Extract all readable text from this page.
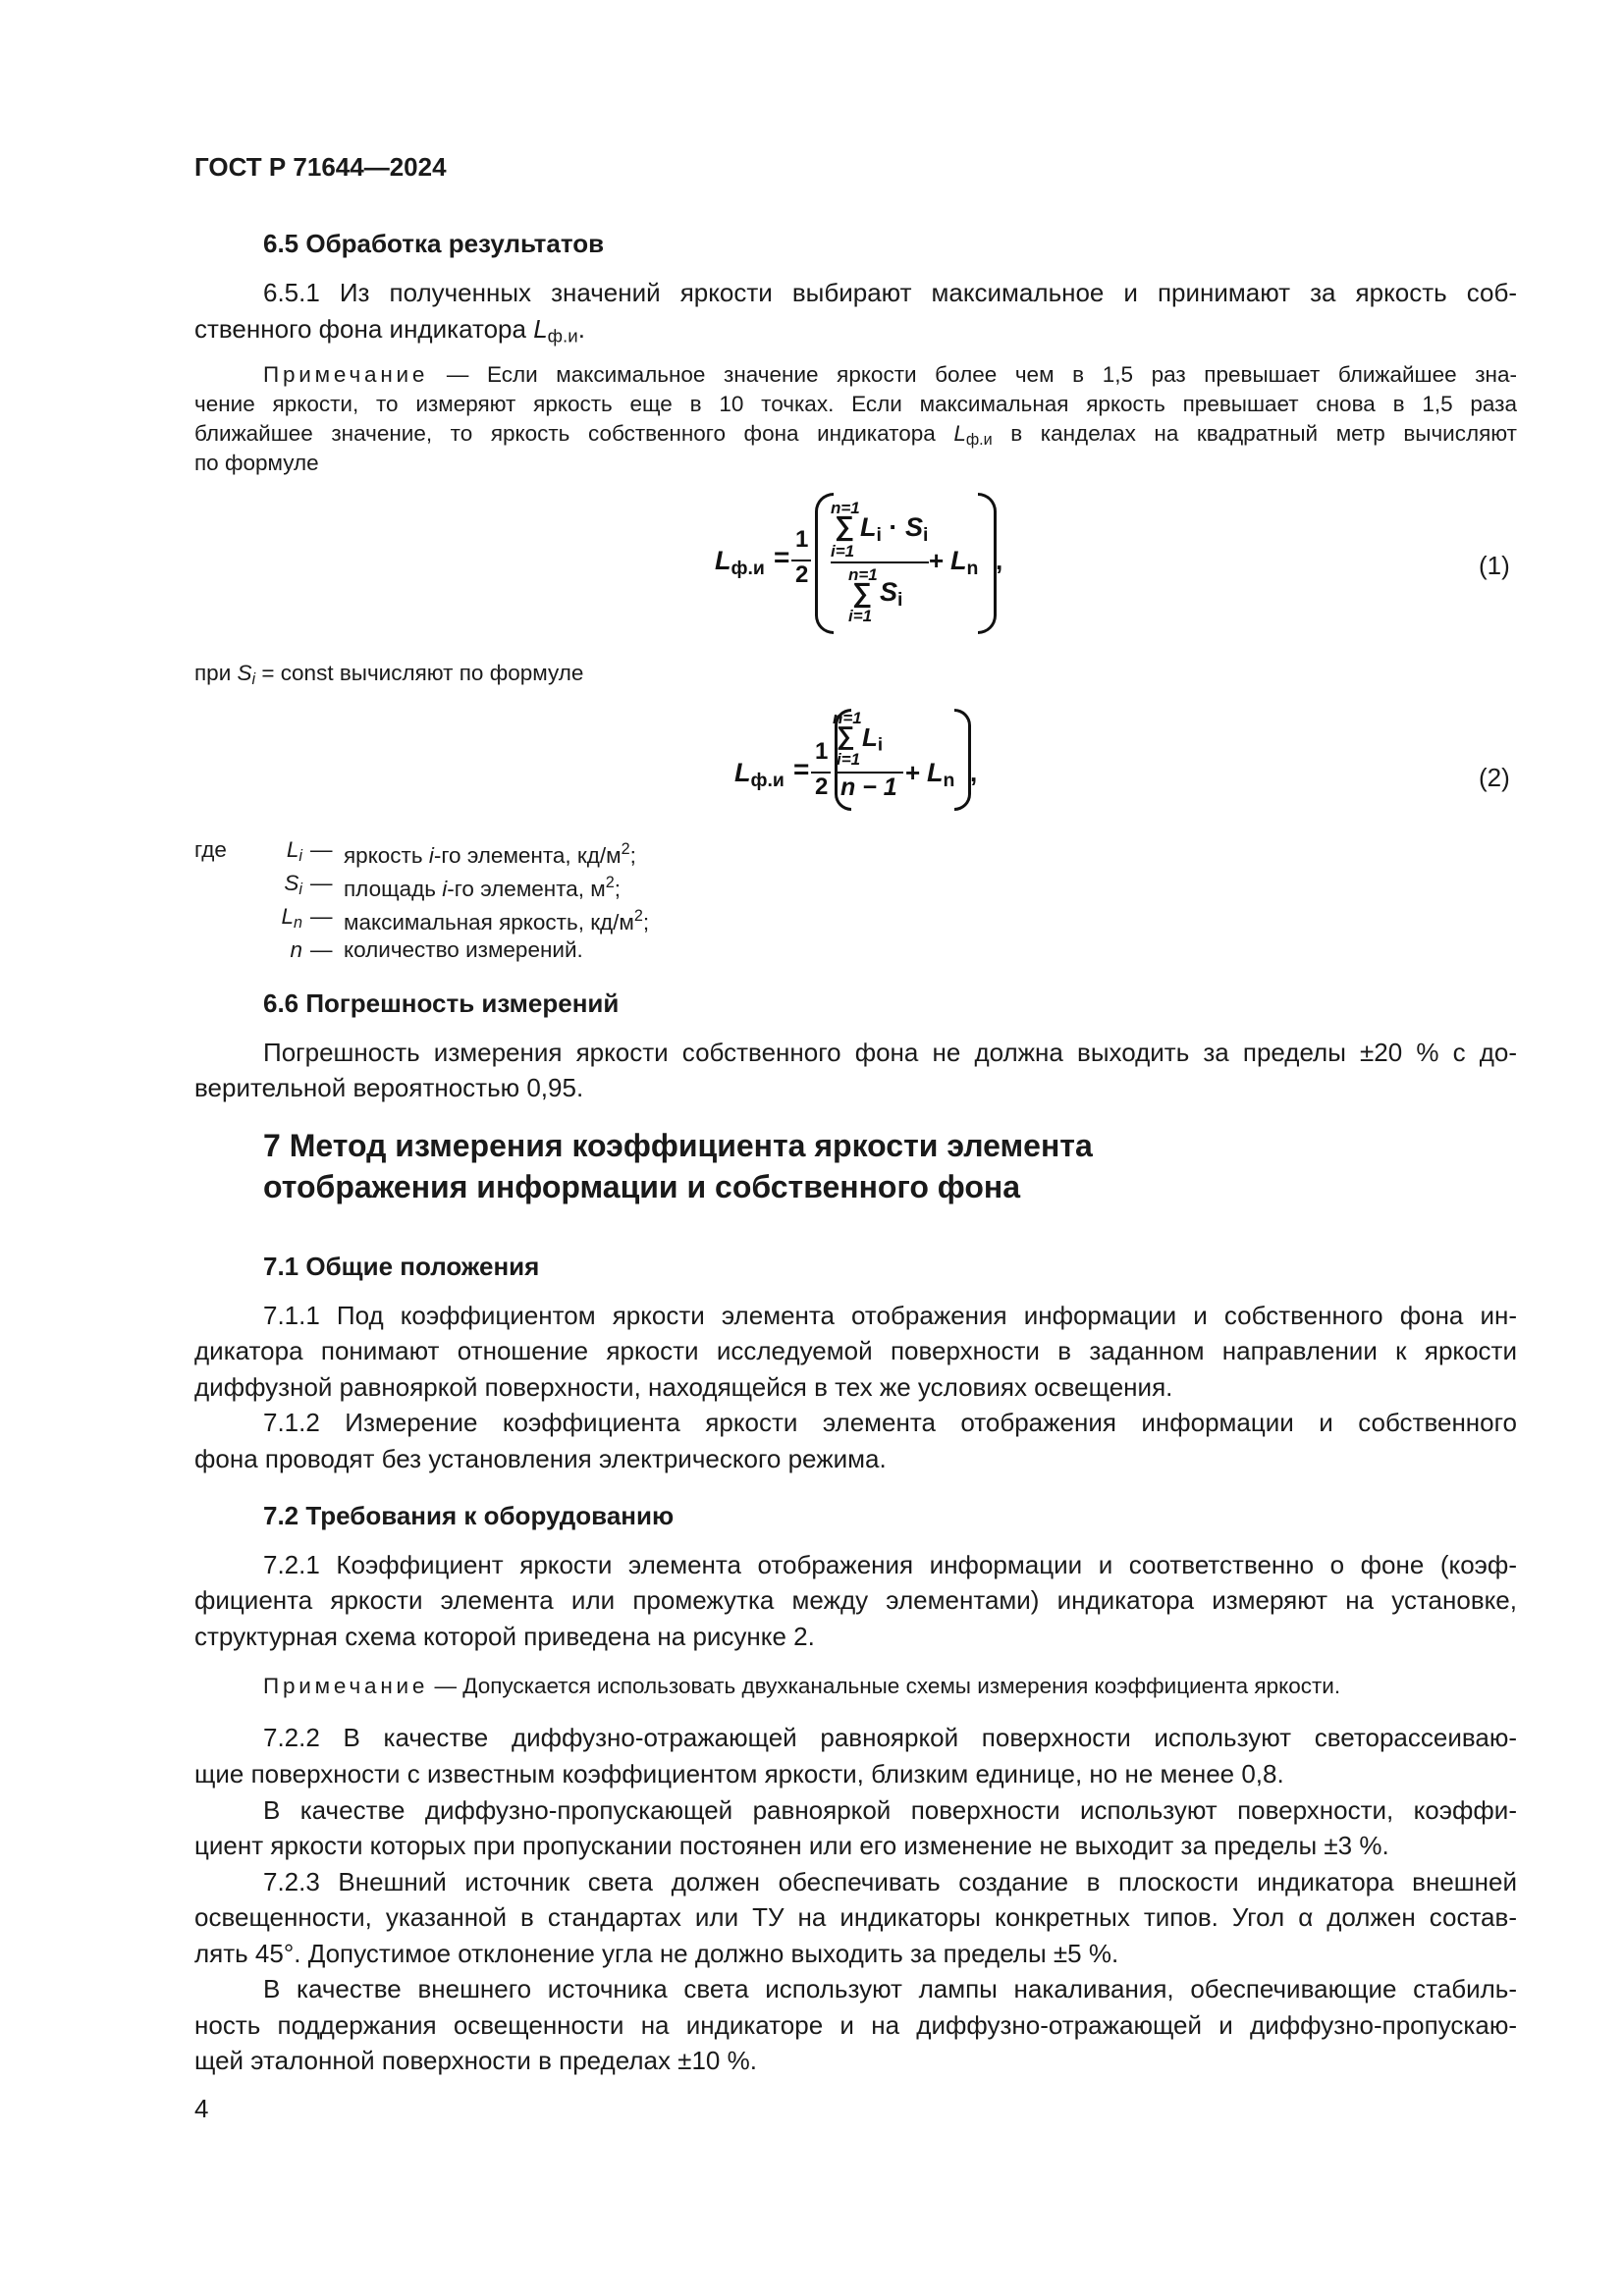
ГОСТ Р 71644—2024
6.5 Обработка результатов
6.5.1 Из полученных значений яркости выбирают максимальное и принимают за яркость соб-
ственного фона индикатора $L_{ф.и}$.
Примечание — Если максимальное значение яркости более чем в 1,5 раз превышает ближайшее зна-
чение яркости, то измеряют яркость еще в 10 точках. Если максимальная яркость превышает снова в 1,5 раза
ближайшее значение, то яркость собственного фона индикатора $L_{ф.и}$ в канделах на квадратный метр вычисляют
по формуле
$L_{ф.и}$ =
1
2
n=1
∑ $L_i \cdot S_i$
i=1
n=1
∑ $S_i$
i=1
+ $L_n$ ,	(1)
при $S_i$ = const вычисляют по формуле
$L_{ф.и}$ =
1
2
n=1
∑ $L_i$
i=1
$n - 1 + L_n$ ,	(2)
где	$L_i$ — яркость i-го элемента, $кд/м^2$;
$S_i$ — площадь i-го элемента, $м^2$;
$L_n$ — максимальная яркость, $кд/м^2$;
n — количество измерений.
6.6 Погрешность измерений
Погрешность измерения яркости собственного фона не должна выходить за пределы ±20 % с до-
верительной вероятностью 0,95.
7 Метод измерения коэффициента яркости элемента
отображения информации и собственного фона
7.1 Общие положения
7.1.1 Под коэффициентом яркости элемента отображения информации и собственного фона ин-
дикатора понимают отношение яркости исследуемой поверхности в заданном направлении к яркости
диффузной равнояркой поверхности, находящейся в тех же условиях освещения.
7.1.2 Измерение коэффициента яркости элемента отображения информации и собственного
фона проводят без установления электрического режима.
7.2 Требования к оборудованию
7.2.1 Коэффициент яркости элемента отображения информации и соответственно о фоне (коэф-
фициента яркости элемента или промежутка между элементами) индикатора измеряют на установке,
структурная схема которой приведена на рисунке 2.
Примечание — Допускается использовать двухканальные схемы измерения коэффициента яркости.
7.2.2 В качестве диффузно-отражающей равнояркой поверхности используют светорассеиваю-
щие поверхности с известным коэффициентом яркости, близким единице, но не менее 0,8.
В качестве диффузно-пропускающей равнояркой поверхности используют поверхности, коэффи-
циент яркости которых при пропускании постоянен или его изменение не выходит за пределы ±3 %.
7.2.3 Внешний источник света должен обеспечивать создание в плоскости индикатора внешней
освещенности, указанной в стандартах или ТУ на индикаторы конкретных типов. Угол α должен состав-
лять 45°. Допустимое отклонение угла не должно выходить за пределы ±5 %.
В качестве внешнего источника света используют лампы накаливания, обеспечивающие стабиль-
ность поддержания освещенности на индикаторе и на диффузно-отражающей и диффузно-пропускаю-
щей эталонной поверхности в пределах ±10 %.
4
